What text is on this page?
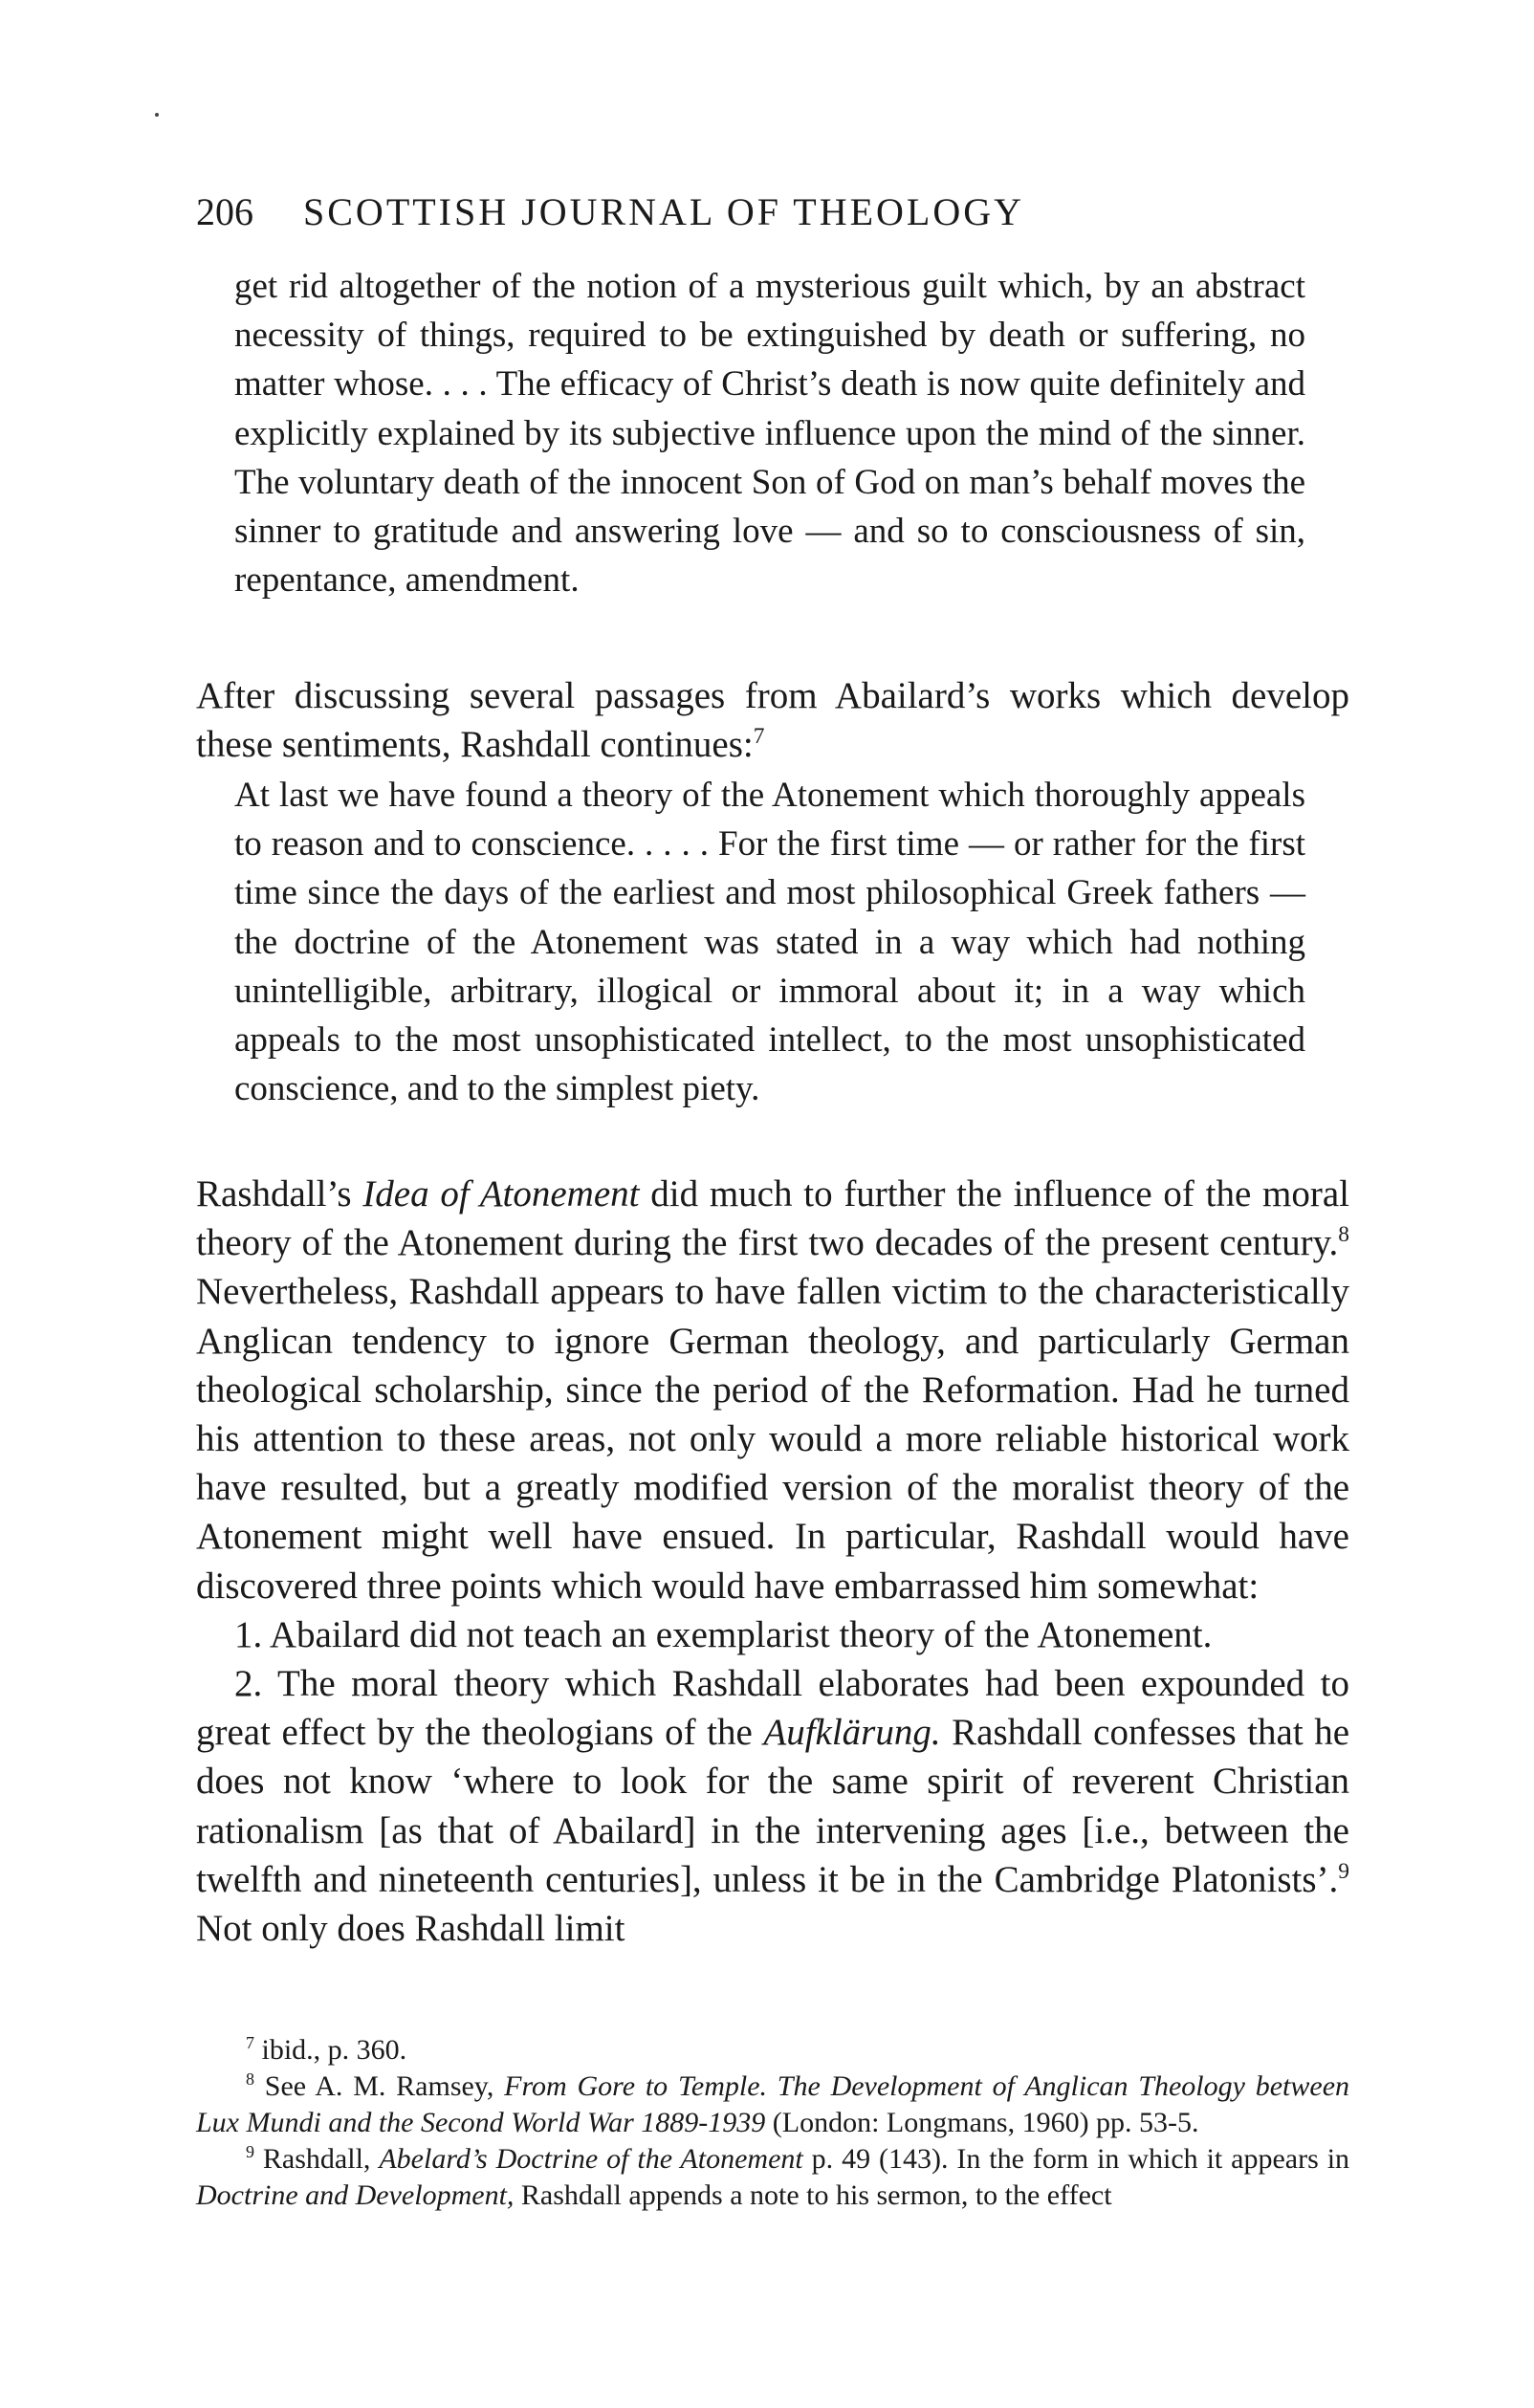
206 SCOTTISH JOURNAL OF THEOLOGY

get rid altogether of the notion of a mysterious guilt which, by an abstract necessity of things, required to be extinguished by death or suffering, no matter whose. . . . The efficacy of Christ’s death is now quite definitely and explicitly explained by its subjective influence upon the mind of the sinner. The voluntary death of the innocent Son of God on man’s behalf moves the sinner to gratitude and answering love — and so to consciousness of sin, repentance, amendment.

After discussing several passages from Abailard’s works which develop these sentiments, Rashdall continues:$^7$

At last we have found a theory of the Atonement which thoroughly appeals to reason and to conscience. . . . . For the first time — or rather for the first time since the days of the earliest and most philosophical Greek fathers — the doctrine of the Atonement was stated in a way which had nothing unintelligible, arbitrary, illogical or immoral about it; in a way which appeals to the most unsophisticated intellect, to the most unsophisticated conscience, and to the simplest piety.

Rashdall’s Idea of Atonement did much to further the influence of the moral theory of the Atonement during the first two decades of the present century.$^8$ Nevertheless, Rashdall appears to have fallen victim to the characteristically Anglican tendency to ignore German theology, and particularly German theological scholarship, since the period of the Reformation. Had he turned his attention to these areas, not only would a more reliable historical work have resulted, but a greatly modified version of the moralist theory of the Atonement might well have ensued. In particular, Rashdall would have discovered three points which would have embarrassed him somewhat:

1. Abailard did not teach an exemplarist theory of the Atonement.

2. The moral theory which Rashdall elaborates had been expounded to great effect by the theologians of the Aufklärung. Rashdall confesses that he does not know ‘where to look for the same spirit of reverent Christian rationalism [as that of Abailard] in the intervening ages [i.e., between the twelfth and nineteenth centuries], unless it be in the Cambridge Platonists’.$^9$ Not only does Rashdall limit

$^7$ ibid., p. 360.

$^8$ See A. M. Ramsey, From Gore to Temple. The Development of Anglican Theology between Lux Mundi and the Second World War 1889-1939 (London: Longmans, 1960) pp. 53-5.

$^9$ Rashdall, Abelard’s Doctrine of the Atonement p. 49 (143). In the form in which it appears in Doctrine and Development, Rashdall appends a note to his sermon, to the effect
